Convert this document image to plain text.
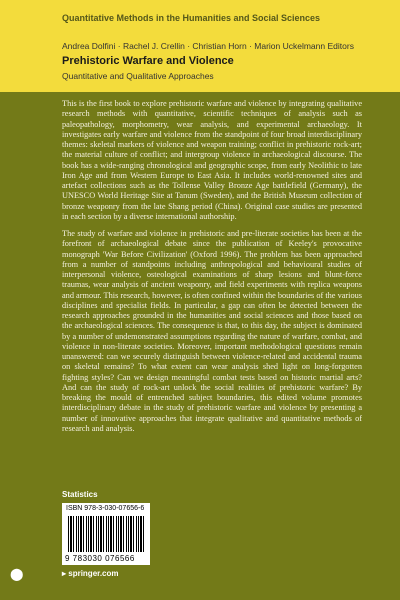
Quantitative Methods in the Humanities and Social Sciences
Andrea Dolfini · Rachel J. Crellin · Christian Horn · Marion Uckelmann Editors
Prehistoric Warfare and Violence
Quantitative and Qualitative Approaches

This is the first book to explore prehistoric warfare and violence by integrating qualitative research methods with quantitative, scientific techniques of analysis such as paleopathology, morphometry, wear analysis, and experimental archaeology. It investigates early warfare and violence from the standpoint of four broad interdisciplinary themes: skeletal markers of violence and weapon training; conflict in prehistoric rock-art; the material culture of conflict; and intergroup violence in archaeological discourse. The book has a wide-ranging chronological and geographic scope, from early Neolithic to late Iron Age and from Western Europe to East Asia. It includes world-renowned sites and artefact collections such as the Tollense Valley Bronze Age battlefield (Germany), the UNESCO World Heritage Site at Tanum (Sweden), and the British Museum collection of bronze weaponry from the late Shang period (China). Original case studies are presented in each section by a diverse international authorship.

The study of warfare and violence in prehistoric and pre-literate societies has been at the forefront of archaeological debate since the publication of Keeley's provocative monograph 'War Before Civilization' (Oxford 1996). The problem has been approached from a number of standpoints including anthropological and behavioural studies of interpersonal violence, osteological examinations of sharp lesions and blunt-force traumas, wear analysis of ancient weaponry, and field experiments with replica weapons and armour. This research, however, is often confined within the boundaries of the various disciplines and specialist fields. In particular, a gap can often be detected between the research approaches grounded in the humanities and social sciences and those based on the archaeological sciences. The consequence is that, to this day, the subject is dominated by a number of undemonstrated assumptions regarding the nature of warfare, combat, and violence in non-literate societies. Moreover, important methodological questions remain unanswered: can we securely distinguish between violence-related and accidental trauma on skeletal remains? To what extent can wear analysis shed light on long-forgotten fighting styles? Can we design meaningful combat tests based on historic martial arts? And can the study of rock-art unlock the social realities of prehistoric warfare? By breaking the mould of entrenched subject boundaries, this edited volume promotes interdisciplinary debate in the study of prehistoric warfare and violence by presenting a number of innovative approaches that integrate qualitative and quantitative methods of research and analysis.

Statistics
ISBN 978-3-030-07656-6
9 783030 076566
⬤	▸ springer.com
